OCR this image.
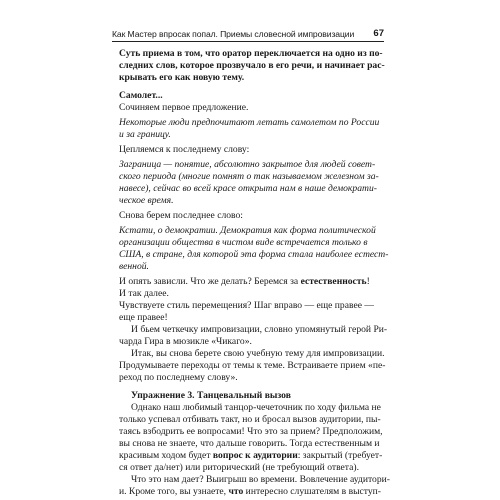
Как Мастер впросак попал. Приемы словесной импровизации 67
Суть приема в том, что оратор переключается на одно из по-
следних слов, которое прозвучало в его речи, и начинает рас-
крывать его как новую тему.
Самолет...
Сочиняем первое предложение.
Некоторые люди предпочитают летать самолетом по России
и за границу.
Цепляемся к последнему слову:
Заграница — понятие, абсолютно закрытое для людей совет-
ского периода (многие помнят о так называемом железном за-
навесе), сейчас во всей красе открыта нам в наше демократи-
ческое время.
Снова берем последнее слово:
Кстати, о демократии. Демократия как форма политической
организации общества в чистом виде встречается только в
США, в стране, для которой эта форма стала наиболее естест-
венной.
И опять зависли. Что же делать? Беремся за естественность!
И так далее.
Чувствуете стиль перемещения? Шаг вправо — еще правее —
еще правее!
И бьем четкечку импровизации, словно упомянутый герой Ри-
чарда Гира в мюзикле «Чикаго».
Итак, вы снова берете свою учебную тему для импровизации.
Продумываете переходы от темы к теме. Встраиваете прием «пе-
реход по последнему слову».
Упражнение 3. Танцевальный вызов
Однако наш любимый танцор-чечеточник по ходу фильма не
только успевал отбивать такт, но и бросал вызов аудитории, пы-
таясь взбодрить ее вопросами! Что это за прием? Предположим,
вы снова не знаете, что дальше говорить. Тогда естественным и
красивым ходом будет вопрос к аудитории: закрытый (требует-
ся ответ да/нет) или риторический (не требующий ответа).
Что это нам дает? Выигрыш во времени. Вовлечение аудитори-
и. Кроме того, вы узнаете, что интересно слушателям в выступ-
